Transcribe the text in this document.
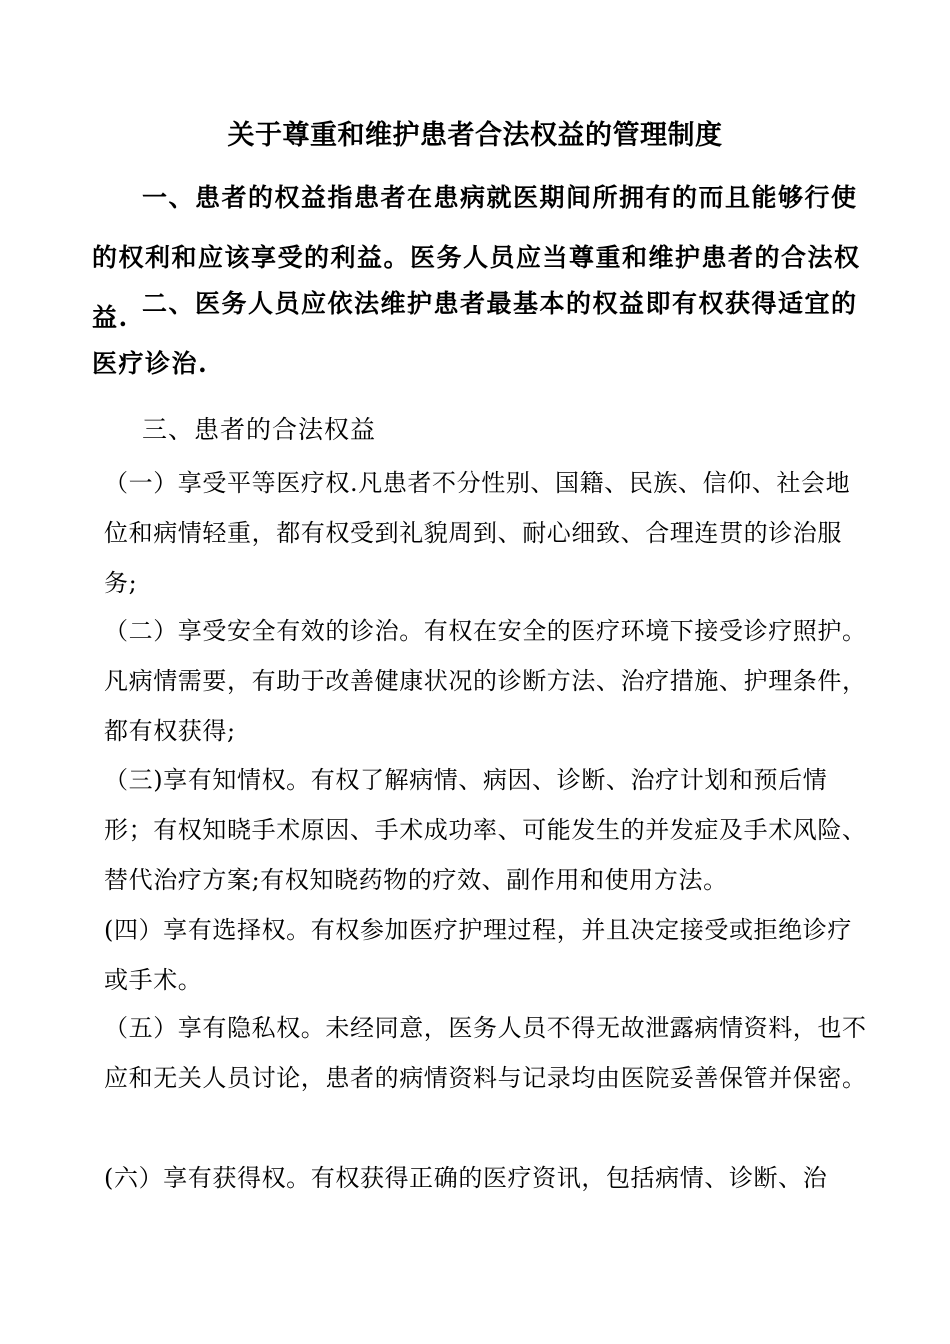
关于尊重和维护患者合法权益的管理制度

一、患者的权益指患者在患病就医期间所拥有的而且能够行使的权利和应该享受的利益。医务人员应当尊重和维护患者的合法权益. 二、医务人员应依法维护患者最基本的权益即有权获得适宜的医疗诊治.

三、患者的合法权益

（一）享受平等医疗权.凡患者不分性别、国籍、民族、信仰、社会地位和病情轻重，都有权受到礼貌周到、耐心细致、合理连贯的诊治服务;

（二）享受安全有效的诊治。有权在安全的医疗环境下接受诊疗照护。凡病情需要，有助于改善健康状况的诊断方法、治疗措施、护理条件，都有权获得;

（三)享有知情权。有权了解病情、病因、诊断、治疗计划和预后情形；有权知晓手术原因、手术成功率、可能发生的并发症及手术风险、替代治疗方案;有权知晓药物的疗效、副作用和使用方法。

(四）享有选择权。有权参加医疗护理过程，并且决定接受或拒绝诊疗或手术。

（五）享有隐私权。未经同意，医务人员不得无故泄露病情资料，也不应和无关人员讨论，患者的病情资料与记录均由医院妥善保管并保密。

(六）享有获得权。有权获得正确的医疗资讯，包括病情、诊断、治
